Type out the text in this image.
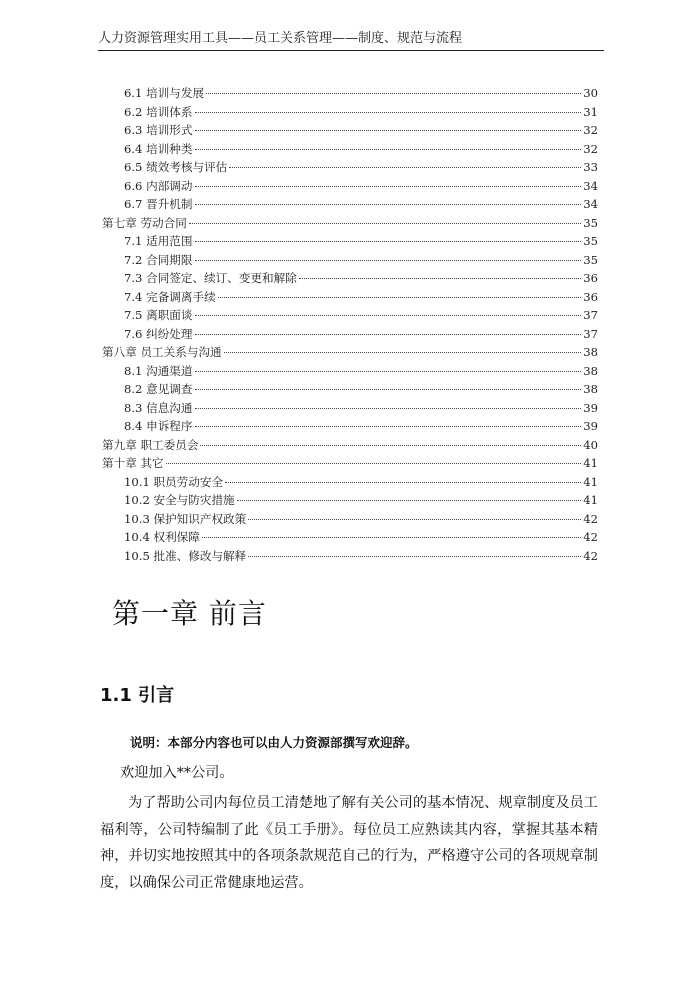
人力资源管理实用工具——员工关系管理——制度、规范与流程
6.1 培训与发展	30
6.2 培训体系	31
6.3 培训形式	32
6.4 培训种类	32
6.5 绩效考核与评估	33
6.6 内部调动	34
6.7 晋升机制	34
第七章 劳动合同	35
7.1 适用范围	35
7.2 合同期限	35
7.3 合同签定、续订、变更和解除	36
7.4 完备调离手续	36
7.5 离职面谈	37
7.6 纠纷处理	37
第八章 员工关系与沟通	38
8.1 沟通渠道	38
8.2 意见调查	38
8.3 信息沟通	39
8.4 申诉程序	39
第九章 职工委员会	40
第十章 其它	41
10.1 职员劳动安全	41
10.2 安全与防灾措施	41
10.3 保护知识产权政策	42
10.4 权利保障	42
10.5 批准、修改与解释	42
第一章 前言
1.1 引言
说明：本部分内容也可以由人力资源部撰写欢迎辞。

欢迎加入**公司。

为了帮助公司内每位员工清楚地了解有关公司的基本情况、规章制度及员工福利等，公司特编制了此《员工手册》。每位员工应熟读其内容，掌握其基本精神，并切实地按照其中的各项条款规范自己的行为，严格遵守公司的各项规章制度，以确保公司正常健康地运营。
